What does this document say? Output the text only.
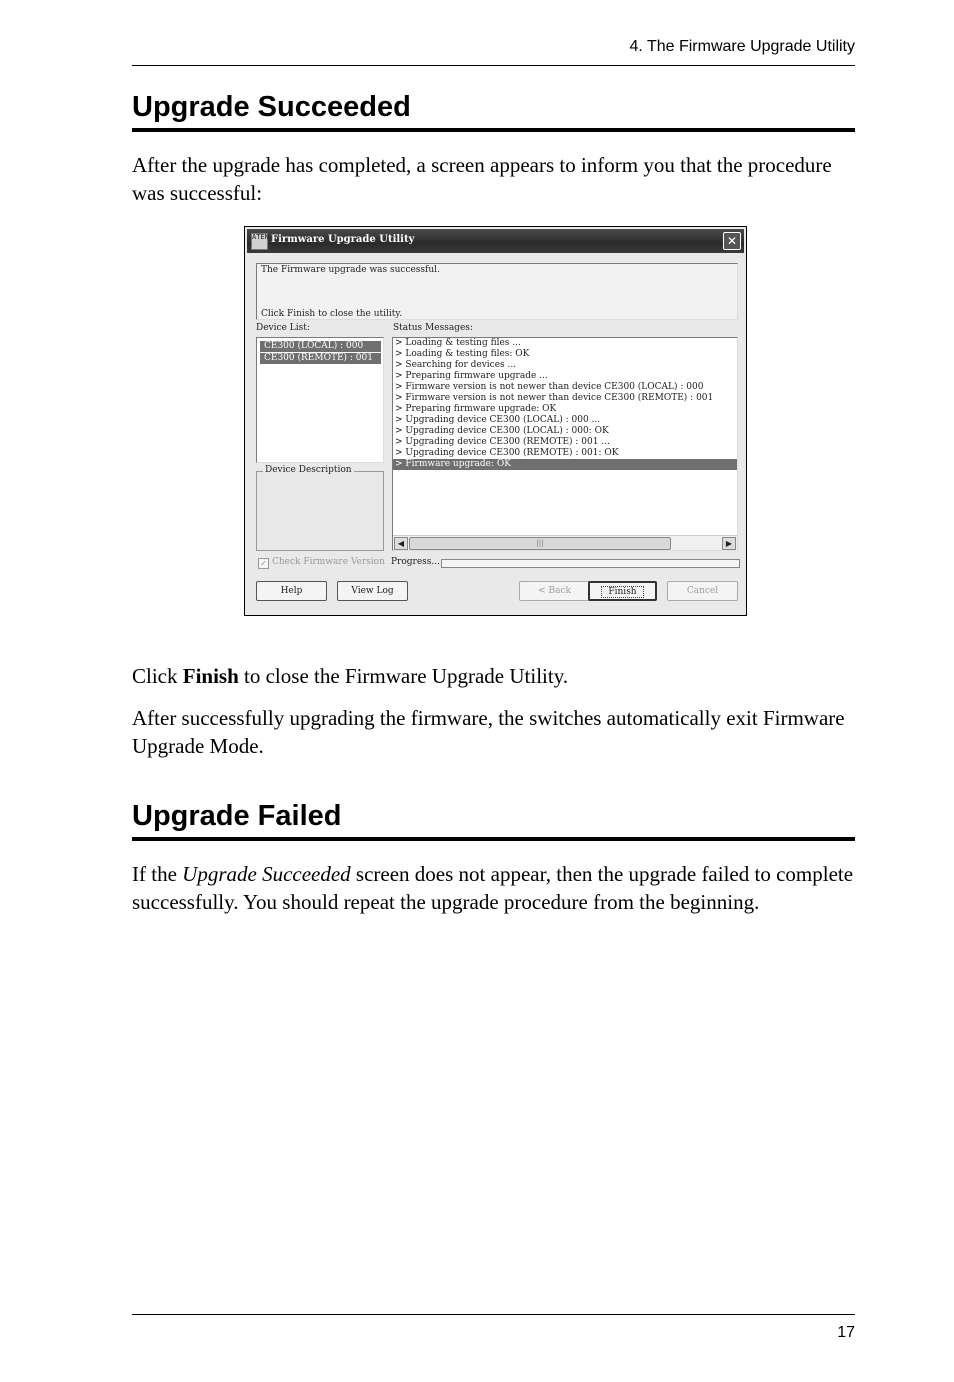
4. The Firmware Upgrade Utility
Upgrade Succeeded

After the upgrade has completed, a screen appears to inform you that the procedure was successful:

ATEN Firmware Upgrade Utility	✕
The Firmware upgrade was successful.
Click Finish to close the utility.
Device List:
CE300 (LOCAL) : 000
CE300 (REMOTE) : 001
Device Description
Status Messages:
> Loading & testing files ...
> Loading & testing files: OK
> Searching for devices ...
> Preparing firmware upgrade ...
> Firmware version is not newer than device CE300 (LOCAL) : 000
> Firmware version is not newer than device CE300 (REMOTE) : 001
> Preparing firmware upgrade: OK
> Upgrading device CE300 (LOCAL) : 000 ...
> Upgrading device CE300 (LOCAL) : 000: OK
> Upgrading device CE300 (REMOTE) : 001 ...
> Upgrading device CE300 (REMOTE) : 001: OK
> Firmware upgrade: OK
◀	|||	▶
✓ Check Firmware Version Progress...
Help	View Log	< Back	Finish	Cancel

Click Finish to close the Firmware Upgrade Utility.

After successfully upgrading the firmware, the switches automatically exit Firmware Upgrade Mode.

Upgrade Failed

If the Upgrade Succeeded screen does not appear, then the upgrade failed to complete successfully. You should repeat the upgrade procedure from the beginning.

17
